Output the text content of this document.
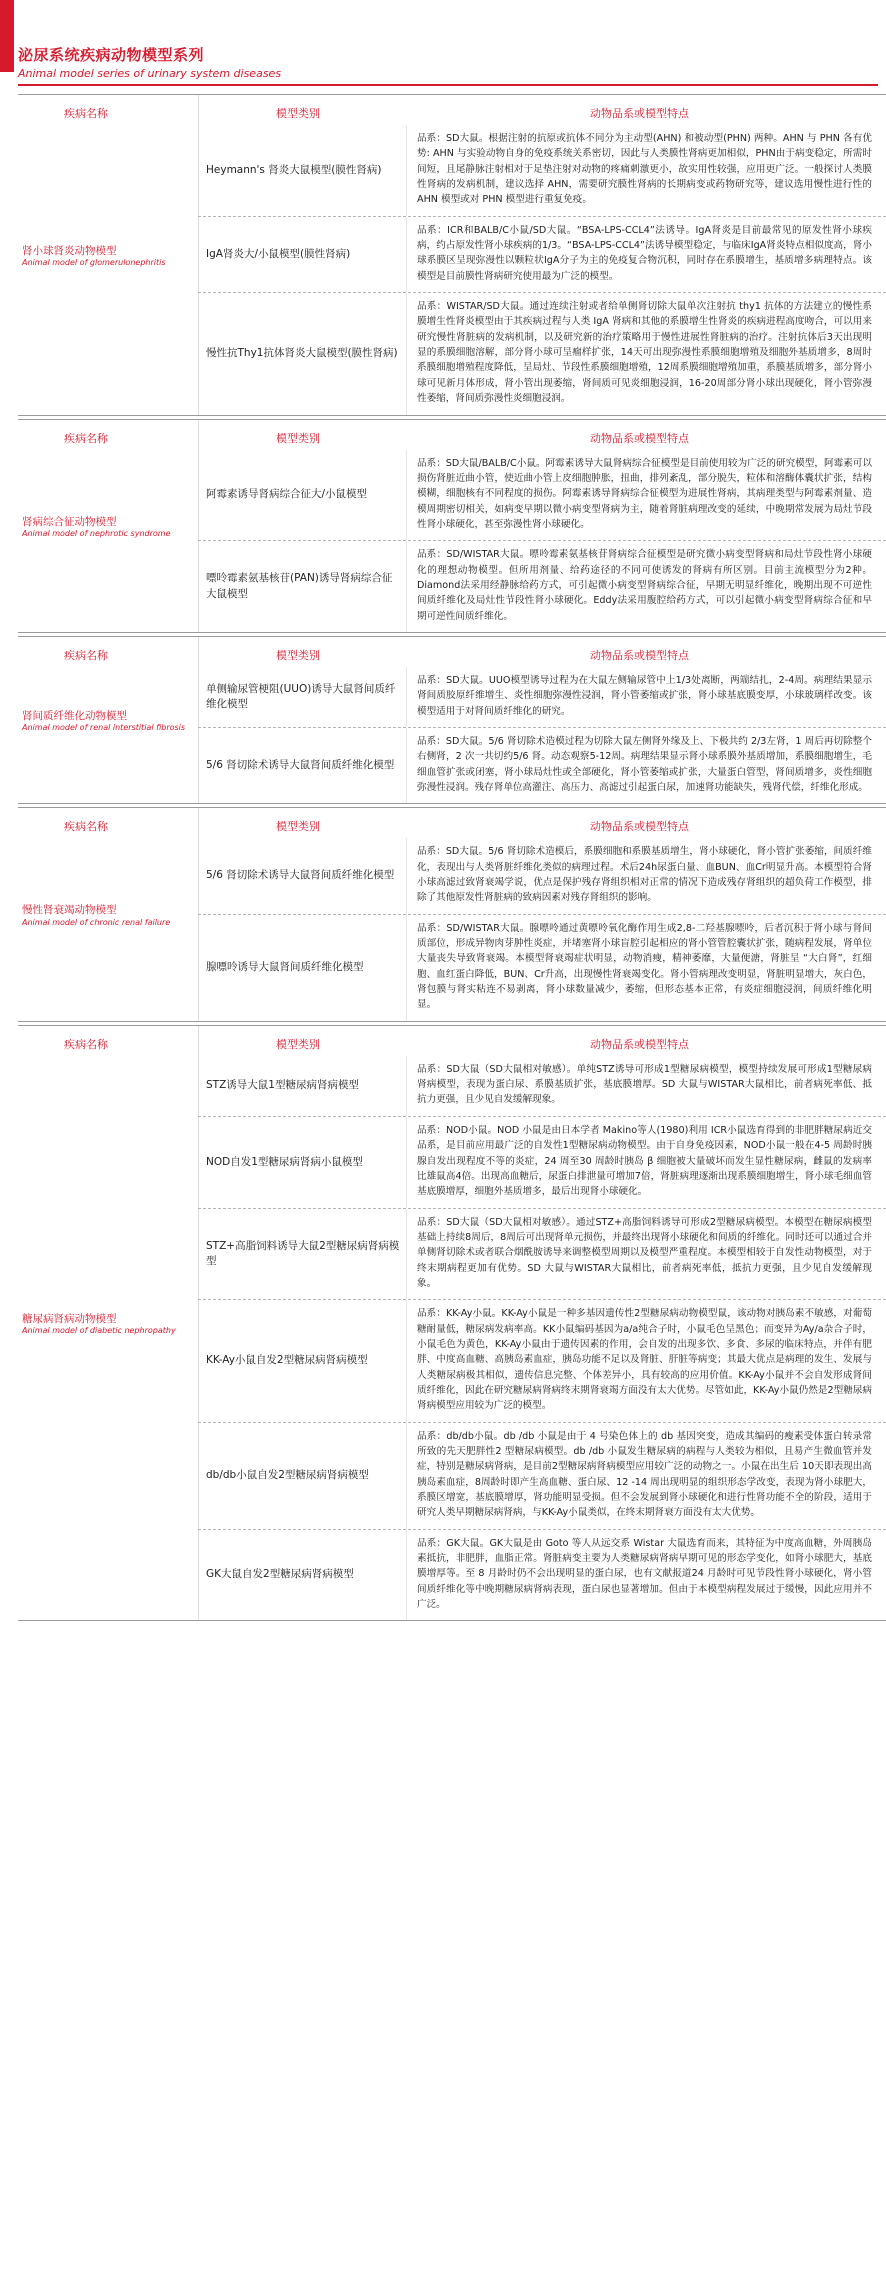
泌尿系统疾病动物模型系列
Animal model series of urinary system diseases
疾病名称
肾小球肾炎动物模型
Animal model of glomerulonephritis
模型类别	动物品系或模型特点
Heymann's 肾炎大鼠模型(膜性肾病)
品系：SD大鼠。根据注射的抗原或抗体不同分为主动型(AHN) 和被动型(PHN) 两种。AHN 与 PHN 各有优势: AHN 与实验动物自身的免疫系统关系密切，因此与人类膜性肾病更加相似，PHN由于病变稳定，所需时间短，且尾静脉注射相对于足垫注射对动物的疼痛刺激更小，故实用性较强，应用更广泛。一般探讨人类膜性肾病的发病机制，建议选择 AHN，需要研究膜性肾病的长期病变或药物研究等，建议选用慢性进行性的AHN 模型或对 PHN 模型进行重复免疫。
IgA肾炎大/小鼠模型(膜性肾病)
品系：ICR和BALB/C小鼠/SD大鼠。“BSA-LPS-CCL4”法诱导。IgA肾炎是目前最常见的原发性肾小球疾病，约占原发性肾小球疾病的1/3。“BSA-LPS-CCL4”法诱导模型稳定，与临床IgA肾炎特点相似度高，肾小球系膜区呈现弥漫性以颗粒状IgA分子为主的免疫复合物沉积，同时存在系膜增生，基质增多病理特点。该模型是目前膜性肾病研究使用最为广泛的模型。
慢性抗Thy1抗体肾炎大鼠模型(膜性肾病)
品系：WISTAR/SD大鼠。通过连续注射或者给单侧肾切除大鼠单次注射抗 thy1 抗体的方法建立的慢性系膜增生性肾炎模型由于其疾病过程与人类 IgA 肾病和其他的系膜增生性肾炎的疾病进程高度吻合，可以用来研究慢性肾脏病的发病机制，以及研究新的治疗策略用于慢性进展性肾脏病的治疗。注射抗体后3天出现明显的系膜细胞溶解，部分肾小球可呈瘤样扩张，14天可出现弥漫性系膜细胞增殖及细胞外基质增多，8周时系膜细胞增殖程度降低，呈局灶、节段性系膜细胞增殖，12周系膜细胞增殖加重，系膜基质增多，部分肾小球可见新月体形成，肾小管出现萎缩，肾间质可见炎细胞浸润，16-20周部分肾小球出现硬化，肾小管弥漫性萎缩，肾间质弥漫性炎细胞浸润。
疾病名称
肾病综合征动物模型
Animal model of nephrotic syndrome
模型类别	动物品系或模型特点
阿霉素诱导肾病综合征大/小鼠模型
品系：SD大鼠/BALB/C小鼠。阿霉素诱导大鼠肾病综合征模型是目前使用较为广泛的研究模型，阿霉素可以损伤肾脏近曲小管，使近曲小管上皮细胞肿胀，扭曲，排列紊乱，部分脱失，粒体和溶酶体囊状扩张，结构模糊，细胞核有不同程度的损伤。阿霉素诱导肾病综合征模型为进展性肾病，其病理类型与阿霉素剂量、造模周期密切相关，如病变早期以微小病变型肾病为主，随着肾脏病理改变的延续，中晚期常发展为局灶节段性肾小球硬化，甚至弥漫性肾小球硬化。
嘌呤霉素氨基核苷(PAN)诱导肾病综合征大鼠模型
品系：SD/WISTAR大鼠。嘌呤霉素氨基核苷肾病综合征模型是研究微小病变型肾病和局灶节段性肾小球硬化的理想动物模型。但所用剂量、给药途径的不同可使诱发的肾病有所区别。目前主流模型分为2种。Diamond法采用经静脉给药方式，可引起微小病变型肾病综合征，早期无明显纤维化，晚期出现不可逆性间质纤维化及局灶性节段性肾小球硬化。Eddy法采用腹腔给药方式，可以引起微小病变型肾病综合征和早期可逆性间质纤维化。
疾病名称
肾间质纤维化动物模型
Animal model of renal interstitial fibrosis
模型类别	动物品系或模型特点
单侧输尿管梗阻(UUO)诱导大鼠肾间质纤维化模型
品系：SD大鼠。UUO模型诱导过程为在大鼠左侧输尿管中上1/3处离断，两端结扎，2-4周。病理结果显示肾间质胶原纤维增生、炎性细胞弥漫性浸润，肾小管萎缩或扩张，肾小球基底膜变厚，小球玻璃样改变。该模型适用于对肾间质纤维化的研究。
5/6 肾切除术诱导大鼠肾间质纤维化模型
品系：SD大鼠。5/6 肾切除术造模过程为切除大鼠左侧肾外缘及上、下极共约 2/3左肾，1 周后再切除整个右侧肾，2 次一共切约5/6 肾。动态观察5-12周。病理结果显示肾小球系膜外基质增加，系膜细胞增生，毛细血管扩张或闭塞，肾小球局灶性或全部硬化，肾小管萎缩或扩张，大量蛋白管型，肾间质增多，炎性细胞弥漫性浸润。残存肾单位高灌注、高压力、高滤过引起蛋白尿，加速肾功能缺失，残肾代偿，纤维化形成。
疾病名称
慢性肾衰竭动物模型
Animal model of chronic renal failure
模型类别	动物品系或模型特点
5/6 肾切除术诱导大鼠肾间质纤维化模型
品系：SD大鼠。5/6 肾切除术造模后，系膜细胞和系膜基质增生，肾小球硬化，肾小管扩张萎缩，间质纤维化，表现出与人类肾脏纤维化类似的病理过程。术后24h尿蛋白量、血BUN、血Cr明显升高。本模型符合肾小球高滤过致肾衰竭学说，优点是保护残存肾组织相对正常的情况下造成残存肾组织的超负荷工作模型，排除了其他原发性肾脏病的致病因素对残存肾组织的影响。
腺嘌呤诱导大鼠肾间质纤维化模型
品系：SD/WISTAR大鼠。腺嘌呤通过黄嘌呤氧化酶作用生成2,8-二羟基腺嘌呤，后者沉积于肾小球与肾间质部位，形成异物肉芽肿性炎症，并堵塞肾小球盲腔引起相应的肾小管管腔囊状扩张，随病程发展，肾单位大量丧失导致肾衰竭。本模型肾衰竭症状明显，动物消瘦，精神萎靡，大量便溏，肾脏呈 “大白肾”，红细胞、血红蛋白降低，BUN、Cr升高，出现慢性肾衰竭变化。肾小管病理改变明显，肾脏明显增大，灰白色，肾包膜与肾实粘连不易剥离，肾小球数量减少，萎缩，但形态基本正常，有炎症细胞浸润，间质纤维化明显。
疾病名称
糖尿病肾病动物模型
Animal model of diabetic nephropathy
模型类别	动物品系或模型特点
STZ诱导大鼠1型糖尿病肾病模型
品系：SD大鼠（SD大鼠相对敏感）。单纯STZ诱导可形成1型糖尿病模型，模型持续发展可形成1型糖尿病肾病模型，表现为蛋白尿、系膜基质扩张，基底膜增厚。SD 大鼠与WISTAR大鼠相比，前者病死率低、抵抗力更强，且少见自发缓解现象。
NOD自发1型糖尿病肾病小鼠模型
品系：NOD小鼠。NOD 小鼠是由日本学者 Makino等人(1980)利用 ICR小鼠选育得到的非肥胖糖尿病近交品系，是目前应用最广泛的自发性1型糖尿病动物模型。由于自身免疫因素，NOD小鼠一般在4-5 周龄时胰腺自发出现程度不等的炎症，24 周至30 周龄时胰岛 β 细胞被大量破坏而发生显性糖尿病，雌鼠的发病率比雄鼠高4倍。出现高血糖后，尿蛋白排泄量可增加7倍，肾脏病理逐渐出现系膜细胞增生，肾小球毛细血管基底膜增厚，细胞外基质增多，最后出现肾小球硬化。
STZ+高脂饲料诱导大鼠2型糖尿病肾病模型
品系：SD大鼠（SD大鼠相对敏感）。通过STZ+高脂饲料诱导可形成2型糖尿病模型。本模型在糖尿病模型基础上持续8周后，8周后可出现肾单元损伤，并最终出现肾小球硬化和间质的纤维化。同时还可以通过合并单侧肾切除术或者联合烟酰胺诱导来调整模型周期以及模型严重程度。本模型相较于自发性动物模型，对于终末期病程更加有优势。SD 大鼠与WISTAR大鼠相比，前者病死率低，抵抗力更强，且少见自发缓解现象。
KK-Ay小鼠自发2型糖尿病肾病模型
品系：KK-Ay小鼠。KK-Ay小鼠是一种多基因遗传性2型糖尿病动物模型鼠，该动物对胰岛素不敏感，对葡萄糖耐量低，糖尿病发病率高。KK小鼠编码基因为a/a纯合子时，小鼠毛色呈黑色；而变异为Ay/a杂合子时，小鼠毛色为黄色，KK-Ay小鼠由于遗传因素的作用，会自发的出现多饮、多食、多尿的临床特点，并伴有肥胖、中度高血糖、高胰岛素血症，胰岛功能不足以及肾脏、肝脏等病变；其最大优点是病理的发生、发展与人类糖尿病极其相似，遗传信息完整、个体差异小，具有较高的应用价值。KK-Ay小鼠并不会自发形成肾间质纤维化，因此在研究糖尿病肾病终末期肾衰竭方面没有太大优势。尽管如此，KK-Ay小鼠仍然是2型糖尿病肾病模型应用较为广泛的模型。
db/db小鼠自发2型糖尿病肾病模型
品系：db/db小鼠。db /db 小鼠是由于 4 号染色体上的 db 基因突变，造成其编码的瘦素受体蛋白转录常所致的先天肥胖性2 型糖尿病模型。db /db 小鼠发生糖尿病的病程与人类较为相似，且易产生微血管并发症，特别是糖尿病肾病，是目前2型糖尿病肾病模型应用较广泛的动物之一。小鼠在出生后 10天即表现出高胰岛素血症，8周龄时即产生高血糖、蛋白尿、12 -14 周出现明显的组织形态学改变，表现为肾小球肥大，系膜区增宽，基底膜增厚，肾功能明显受损。但不会发展到肾小球硬化和进行性肾功能不全的阶段，适用于研究人类早期糖尿病肾病，与KK-Ay小鼠类似，在终末期肾衰方面没有太大优势。
GK大鼠自发2型糖尿病肾病模型
品系：GK大鼠。GK大鼠是由 Goto 等人从远交系 Wistar 大鼠选育而来，其特征为中度高血糖，外周胰岛素抵抗，非肥胖，血脂正常。肾脏病变主要为人类糖尿病肾病早期可见的形态学变化，如肾小球肥大，基底膜增厚等。至 8 月龄时仍不会出现明显的蛋白尿，也有文献报道24 月龄时可见节段性肾小球硬化，肾小管间质纤维化等中晚期糖尿病肾病表现，蛋白尿也显著增加。但由于本模型病程发展过于缓慢，因此应用并不广泛。
